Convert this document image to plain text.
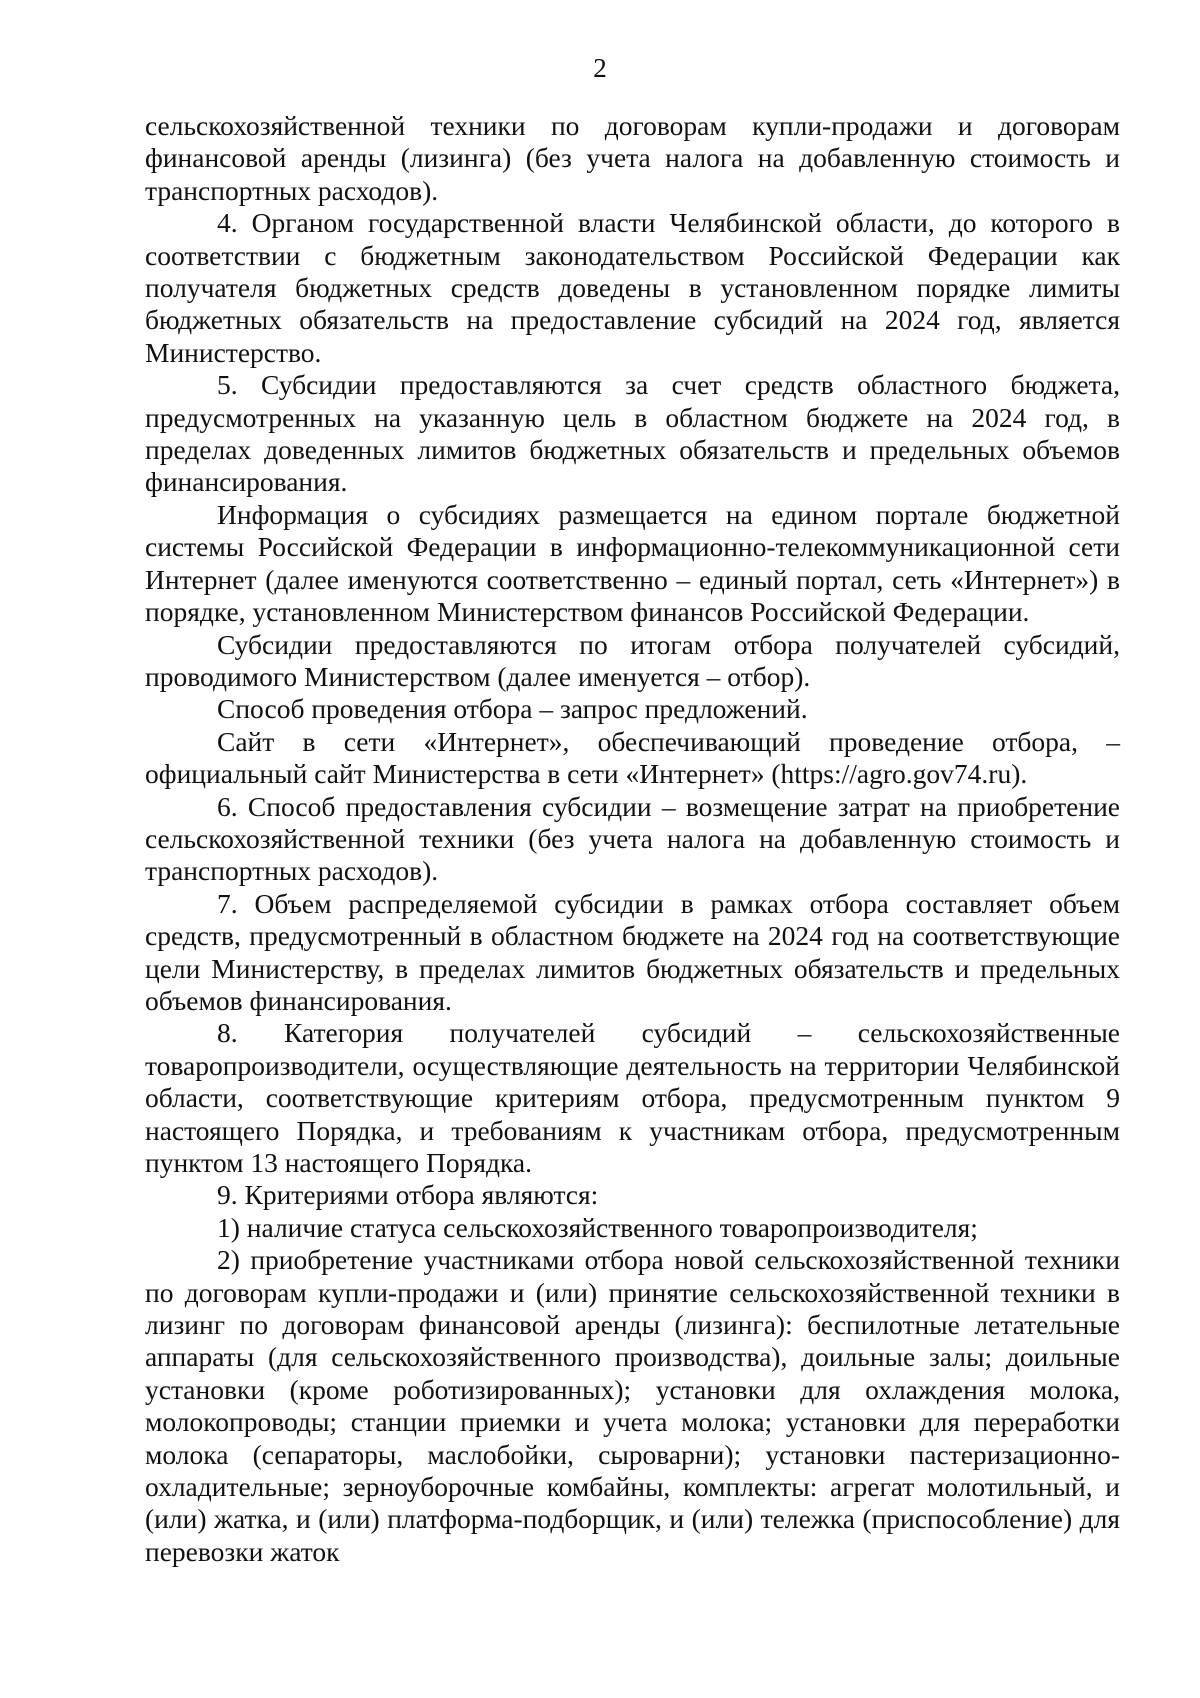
2

сельскохозяйственной техники по договорам купли-продажи и договорам финансовой аренды (лизинга) (без учета налога на добавленную стоимость и транспортных расходов).

4. Органом государственной власти Челябинской области, до которого в соответствии с бюджетным законодательством Российской Федерации как получателя бюджетных средств доведены в установленном порядке лимиты бюджетных обязательств на предоставление субсидий на 2024 год, является Министерство.

5. Субсидии предоставляются за счет средств областного бюджета, предусмотренных на указанную цель в областном бюджете на 2024 год, в пределах доведенных лимитов бюджетных обязательств и предельных объемов финансирования.

Информация о субсидиях размещается на едином портале бюджетной системы Российской Федерации в информационно-телекоммуникационной сети Интернет (далее именуются соответственно – единый портал, сеть «Интернет») в порядке, установленном Министерством финансов Российской Федерации.

Субсидии предоставляются по итогам отбора получателей субсидий, проводимого Министерством (далее именуется – отбор).

Способ проведения отбора – запрос предложений.

Сайт в сети «Интернет», обеспечивающий проведение отбора, – официальный сайт Министерства в сети «Интернет» (https://agro.gov74.ru).

6. Способ предоставления субсидии – возмещение затрат на приобретение сельскохозяйственной техники (без учета налога на добавленную стоимость и транспортных расходов).

7. Объем распределяемой субсидии в рамках отбора составляет объем средств, предусмотренный в областном бюджете на 2024 год на соответствующие цели Министерству, в пределах лимитов бюджетных обязательств и предельных объемов финансирования.

8. Категория получателей субсидий – сельскохозяйственные товаропроизводители, осуществляющие деятельность на территории Челябинской области, соответствующие критериям отбора, предусмотренным пунктом 9 настоящего Порядка, и требованиям к участникам отбора, предусмотренным пунктом 13 настоящего Порядка.

9. Критериями отбора являются:

1) наличие статуса сельскохозяйственного товаропроизводителя;

2) приобретение участниками отбора новой сельскохозяйственной техники по договорам купли-продажи и (или) принятие сельскохозяйственной техники в лизинг по договорам финансовой аренды (лизинга): беспилотные летательные аппараты (для сельскохозяйственного производства), доильные залы; доильные установки (кроме роботизированных); установки для охлаждения молока, молокопроводы; станции приемки и учета молока; установки для переработки молока (сепараторы, маслобойки, сыроварни); установки пастеризационно-охладительные; зерноуборочные комбайны, комплекты: агрегат молотильный, и (или) жатка, и (или) платформа-подборщик, и (или) тележка (приспособление) для перевозки жаток
